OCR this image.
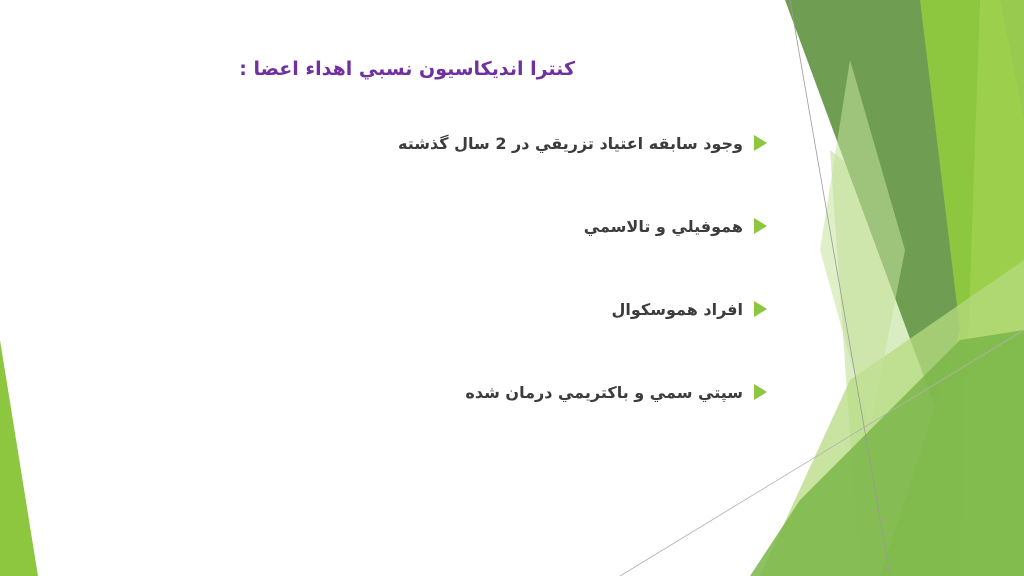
کنترا اندیکاسیون نسبي اهداء اعضا :
وجود سابقه اعتیاد تزریقي در 2 سال گذشته
هموفیلي و تالاسمي
افراد هموسکوال
سپتي سمي و باکتریمي درمان شده
